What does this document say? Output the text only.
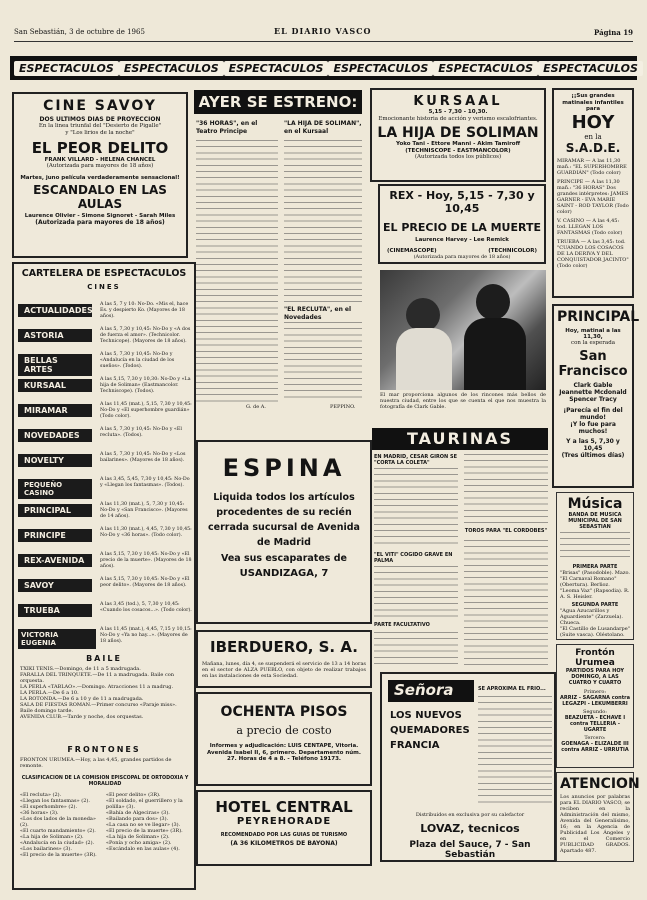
San Sebastián, 3 de octubre de 1965	EL DIARIO VASCO	Página 19
ESPECTACULOS ESPECTACULOS ESPECTACULOS ESPECTACULOS ESPECTACULOS ESPECTACULOS
CINE SAVOY
DOS ULTIMOS DIAS DE PROYECCION
En la linea triunfal del "Desierto de Pigalle"
y "Los lirios de la noche"
EL PEOR DELITO
FRANK VILLARD - HELENA CHANCEL
(Autorizada para mayores de 18 años)
Martes, juno película verdaderamente sensacional!
ESCANDALO EN LAS AULAS
Laurence Olivier - Simone Signoret - Sarah Miles
(Autorizada para mayores de 18 años)
CARTELERA DE ESPECTACULOS
CINES
ACTUALIDADES
A las 5, 7 y 10: No-Do. «Mis el, hace Es. y despierto Ko. (Mayores de 18 años).
ASTORIA
A las 5, 7,30 y 10,45: No-Do y «A dos de fuerza el amor». (Technicolor. Technicope). (Mayores de 18 años).
BELLAS ARTES
A las 5, 7,30 y 10,45: No-Do y «Andalucía en la ciudad de los sueños». (Todos).
KURSAAL
A las 5,15, 7,30 y 10,30: No-Do y «La hija de Soliman» (Eastmancolor. Techniscope). (Todos).
MIRAMAR
A las 11,45 (mat.), 5,15, 7,30 y 10,45: No-Do y «El superhombre guardián» (Todo color).
NOVEDADES
A las 5, 7,30 y 10,45: No-Do y «El recluta». (Todos).
NOVELTY
A las 5, 7,30 y 10,45: No-Do y «Los bailarines». (Mayores de 18 años).
PEQUEÑO CASINO
A las 3,45, 5,45, 7,30 y 10,45: No-Do y «Llegan los fantasmas». (Todos).
PRINCIPAL
A las 11,30 (mat.), 5, 7,30 y 10,45: No-Do y «San Francisco». (Mayores de 14 años).
PRINCIPE
A las 11,30 (mat.), 4,45, 7,30 y 10,45: No-Do y «36 horas». (Todo color).
REX-AVENIDA
A las 5,15, 7,30 y 10,45: No-Do y «El precio de la muerte». (Mayores de 18 años).
SAVOY
A las 5,15, 7,30 y 10,45: No-Do y «El peor delito». (Mayores de 18 años).
TRUEBA
A las 3,45 (tod.), 5, 7,30 y 10,45: «Cuando los cosacos...». (Todo color).
VICTORIA EUGENIA
A las 11,45 (mat.), 4,45, 7,15 y 10,15: No-Do y «Ya no hay...». (Mayores de 18 años).
BAILE
TXIKI TENIS.—Domingo, de 11 a 5 madrugada.
FARALLA DEL TRINQUETE.—De 11 a madrugada. Baile con orquesta.
LA PERLA «TABLAO».—Domingo. Atracciones 11 a madrug.
LA PERLA.—De 6 a 10.
LA ROTONDA.—De 6 a 10 y de 11 a madrugada.
SALA DE FIESTAS ROMAN.—Primer concurso «Paraje miss». Baile domingo tarde.
AVENIDA CLUB.—Tarde y noche, dos orquestas.
FRONTONES
FRONTON URUMEA.—Hoy, a las 4,45, grandes partidos de remonte.
CLASIFICACION DE LA COMISION EPISCOPAL DE ORTODOXIA Y MORALIDAD
«El recluta» (2).
«Llegan los fantasmas» (2).
«El superhombre» (2).
«36 horas» (3).
«Los dos lados de la moneda» (2).
«El cuarto mandamiento» (2).
«La hija de Soliman» (2).
«Andalucía en la ciudad» (2).
«Los bailarines» (3).
«El precio de la muerte» (3R).
«El peor delito» (3R).
«El soldado, el guerrillero y la polilla» (3).
«Bahía de Algeciras» (3).
«Bailando para dos» (3).
«La casa no se ve llegar» (3).
«El precio de la muerte» (3R).
«La hija de Soliman» (2).
«Ponía y ocho amiga» (2).
«Escándalo en las aulas» (4).
AYER SE ESTRENO:
"36 HORAS", en el Teatro Principe
"LA HIJA DE SOLIMAN", en el Kursaal
"EL RECLUTA", en el Novedades
G. de A.	PEPPINO.
ESPINA
Liquida todos los artículos procedentes de su recién cerrada sucursal de Avenida de Madrid
Vea sus escaparates de
USANDIZAGA, 7
IBERDUERO, S. A.
Mañana, lunes, día 4, se suspenderá el servicio de 13 a 14 horas en el sector de ALZA PUEBLO, con objeto de realizar trabajos en las instalaciones de esta Sociedad.
OCHENTA PISOS
a precio de costo
Informes y adjudicación: LUIS CENTAPE, Vitoria. Avenida Isabel II, 6, primero. Departamento núm. 27. Horas de 4 a 8. - Teléfono 19173.
HOTEL CENTRAL
PEYREHORADE
RECOMENDADO POR LAS GUIAS DE TURISMO
(A 36 KILOMETROS DE BAYONA)
KURSAAL
5,15 - 7,30 - 10,30.
Emocionante historia de acción y verismo escalofriantes.
LA HIJA DE SOLIMAN
Yoko Tani - Ettore Manni - Akim Tamiroff
(TECHNISCOPE - EASTMANCOLOR)
(Autorizada todos los públicos)
REX - Hoy, 5,15 - 7,30 y 10,45
EL PRECIO DE LA MUERTE
Laurence Harvey - Lee Remick
(CINEMASCOPE)	(TECHNICOLOR)
(Autorizada para mayores de 18 años)
El mar proporciona algunos de los rincones más bellos de nuestra ciudad, entre los que se cuenta el que nos muestra la fotografía de Clark Gable.
TAURINAS
EN MADRID, CESAR GIRON SE "CORTA LA COLETA"
"EL VITI" COGIDO GRAVE EN PALMA
PARTE FACULTATIVO
TOROS PARA "EL CORDOBES"
Señora	SE APROXIMA EL FRIO...
LOS NUEVOS
QUEMADORES
FRANCIA
Distribuidos en exclusiva por su calefactor
LOVAZ, tecnicos
Plaza del Sauce, 7 - San Sebastián
¡¡Sus grandes matinales infantiles para
HOY
en la
S.A.D.E.
MIRAMAR — A las 11,30 mañ.: "EL SUPERHOMBRE GUARDIÁN" (Todo color)
PRINCIPE — A las 11,30 mañ.: "36 HORAS" Dos grandes intérpretes: JAMES GARNER - EVA MARIE SAINT - ROD TAYLOR (Todo color)
V. CASINO — A las 4,45: tod. LLEGAN LOS FANTASMAS (Todo color)
TRUEBA — A las 3,45: tod. "CUANDO LOS COSACOS DE LA DERIVA Y DEL CONQUISTADOR JACINTO" (Todo color)
PRINCIPAL
Hoy, matinal a las 11,30,
con la esperada
San Francisco
Clark Gable
Jeannette Mcdonald
Spencer Tracy
¡Parecía el fin del mundo!
¡Y lo fue para muchos!
Y a las 5, 7,30 y 10,45
(Tres últimos días)
Música
BANDA DE MUSICA MUNICIPAL DE SAN SEBASTIAN
PRIMERA PARTE
"Brisas" (Pasodoble). Mazo.
"El Carnaval Romano" (Obertura). Berlioz.
"Leoma Vaz" (Rapsodia). R. A. S. Heisler.
SEGUNDA PARTE
"Agua Azucarillos y Aguardiente" (Zarzuela). Chueca.
"El Castillo de Lusandarpe" (Suite vasca). Oléstolano.
Frontón Urumea
PARTIDOS PARA HOY DOMINGO, A LAS CUATRO Y CUARTO
Primero:
ARRIZ - SAGARNA contra LEGAZPI - LEKUMBERRI
Segundo:
BEAZUETA - ECHAVE I contra TELLERIA - UGARTE
Tercero:
GOENAGA - ELIZALDE III contra ARRIZ - URRUTIA
ATENCION
Los anuncios por palabras para EL DIARIO VASCO, se reciben en la Administración del mismo, Avenida del Generalísimo, 16; en la Agencia de Publicidad Los Ángeles y en el Comercio PUBLICIDAD GRADOS. Apartado 487.
